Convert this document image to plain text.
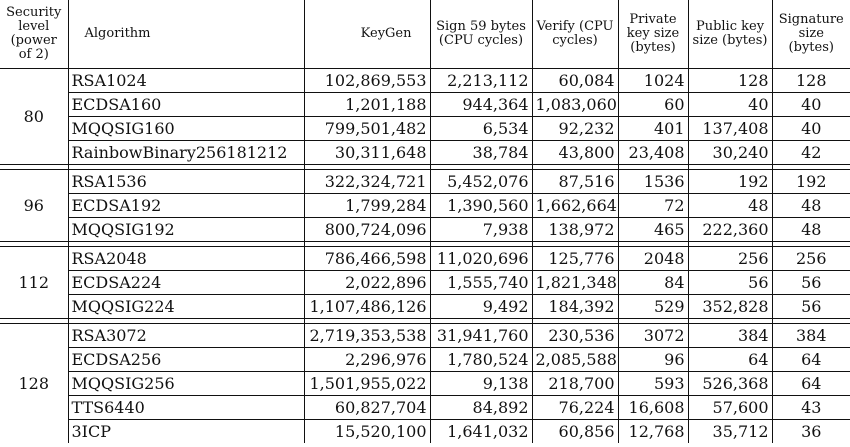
Security level (power of 2)	Algorithm	KeyGen	Sign 59 bytes (CPU cycles)	Verify (CPU cycles)	Private key size (bytes)	Public key size (bytes)	Signature size (bytes)
80	RSA1024	102,869,553	2,213,112	60,084	1024	128	128
	ECDSA160	1,201,188	944,364	1,083,060	60	40	40
	MQQSIG160	799,501,482	6,534	92,232	401	137,408	40
	RainbowBinary256181212	30,311,648	38,784	43,800	23,408	30,240	42

96	RSA1536	322,324,721	5,452,076	87,516	1536	192	192
	ECDSA192	1,799,284	1,390,560	1,662,664	72	48	48
	MQQSIG192	800,724,096	7,938	138,972	465	222,360	48

112	RSA2048	786,466,598	11,020,696	125,776	2048	256	256
	ECDSA224	2,022,896	1,555,740	1,821,348	84	56	56
	MQQSIG224	1,107,486,126	9,492	184,392	529	352,828	56

128	RSA3072	2,719,353,538	31,941,760	230,536	3072	384	384
	ECDSA256	2,296,976	1,780,524	2,085,588	96	64	64
	MQQSIG256	1,501,955,022	9,138	218,700	593	526,368	64
	TTS6440	60,827,704	84,892	76,224	16,608	57,600	43
	3ICP	15,520,100	1,641,032	60,856	12,768	35,712	36
